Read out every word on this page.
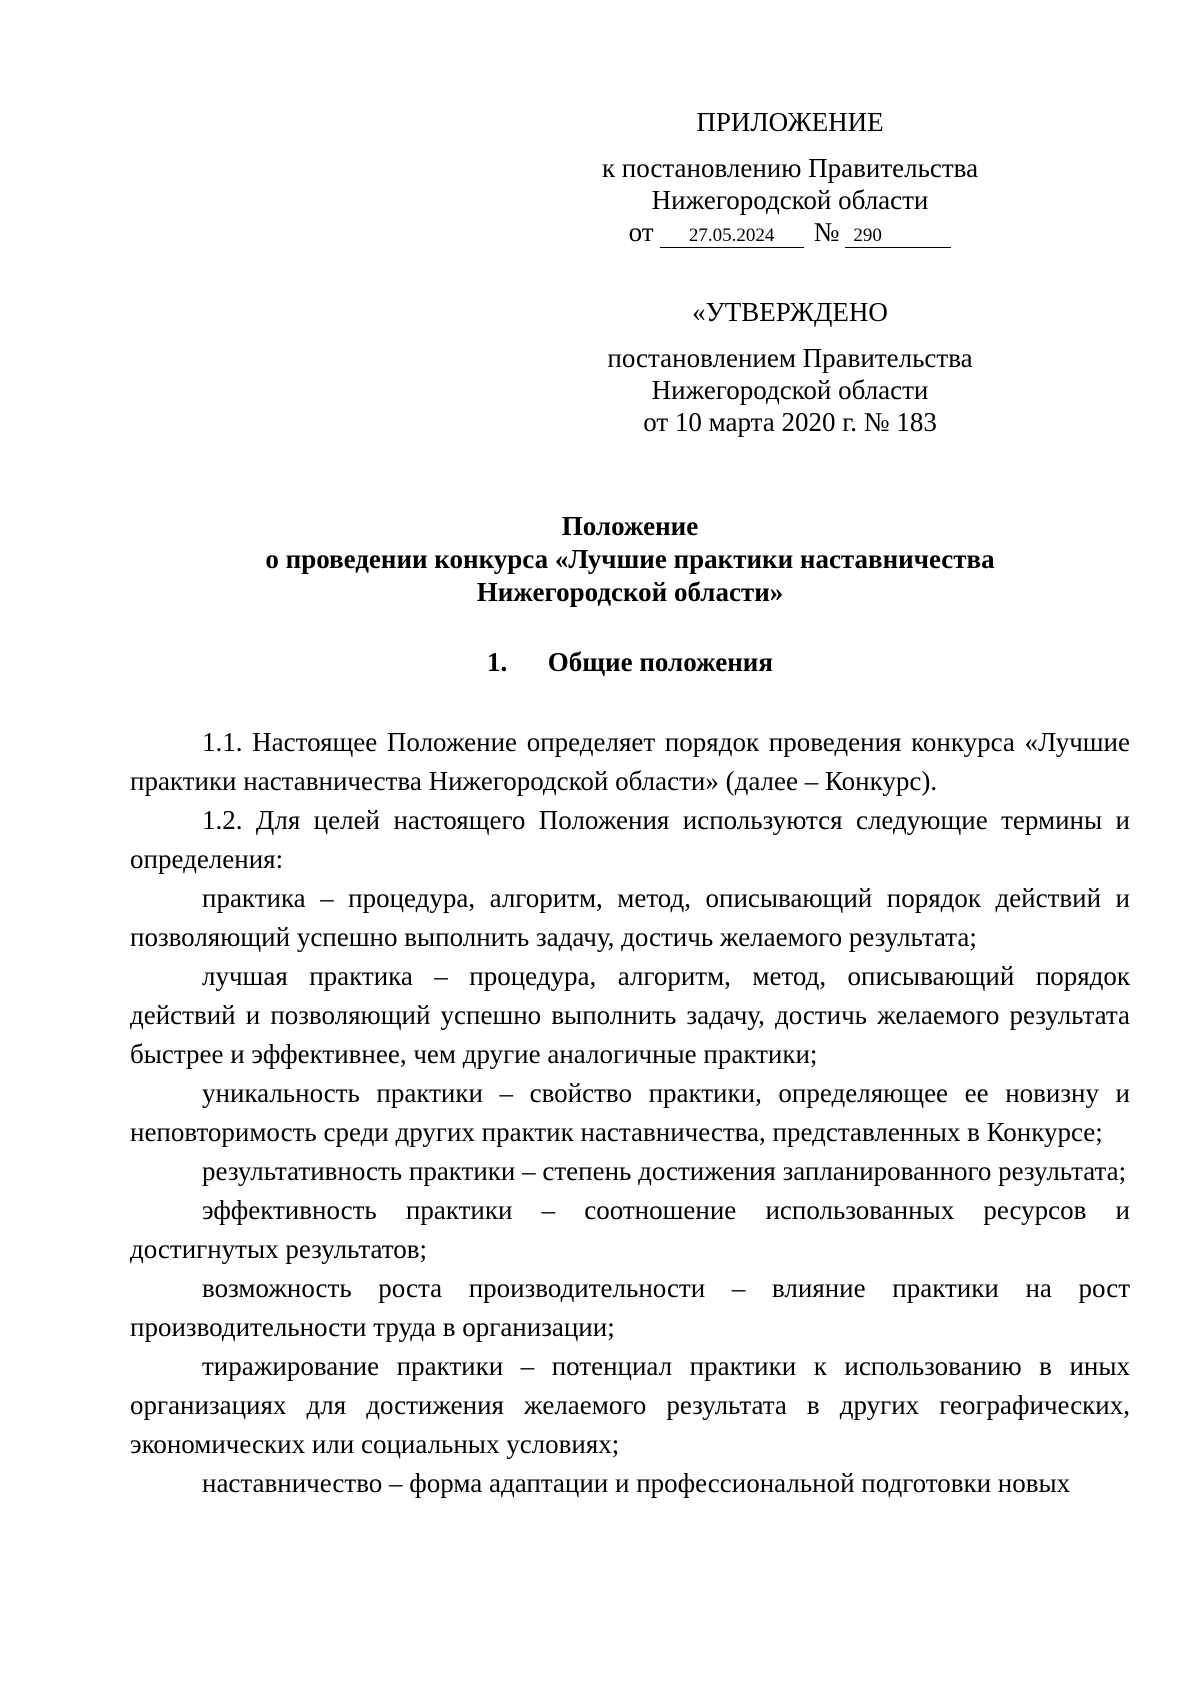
ПРИЛОЖЕНИЕ
к постановлению Правительства
Нижегородской области
от	27.05.2024	№ 290
«УТВЕРЖДЕНО
постановлением Правительства
Нижегородской области
от 10 марта 2020 г. № 183
Положение
о проведении конкурса «Лучшие практики наставничества
Нижегородской области»
1. Общие положения

1.1. Настоящее Положение определяет порядок проведения конкурса «Лучшие практики наставничества Нижегородской области» (далее – Конкурс).

1.2. Для целей настоящего Положения используются следующие термины и определения:

практика – процедура, алгоритм, метод, описывающий порядок действий и позволяющий успешно выполнить задачу, достичь желаемого результата;

лучшая практика – процедура, алгоритм, метод, описывающий порядок действий и позволяющий успешно выполнить задачу, достичь желаемого результата быстрее и эффективнее, чем другие аналогичные практики;

уникальность практики – свойство практики, определяющее ее новизну и неповторимость среди других практик наставничества, представленных в Конкурсе;

результативность практики – степень достижения запланированного результата;

эффективность практики – соотношение использованных ресурсов и достигнутых результатов;

возможность роста производительности – влияние практики на рост производительности труда в организации;

тиражирование практики – потенциал практики к использованию в иных организациях для достижения желаемого результата в других географических, экономических или социальных условиях;

наставничество – форма адаптации и профессиональной подготовки новых
